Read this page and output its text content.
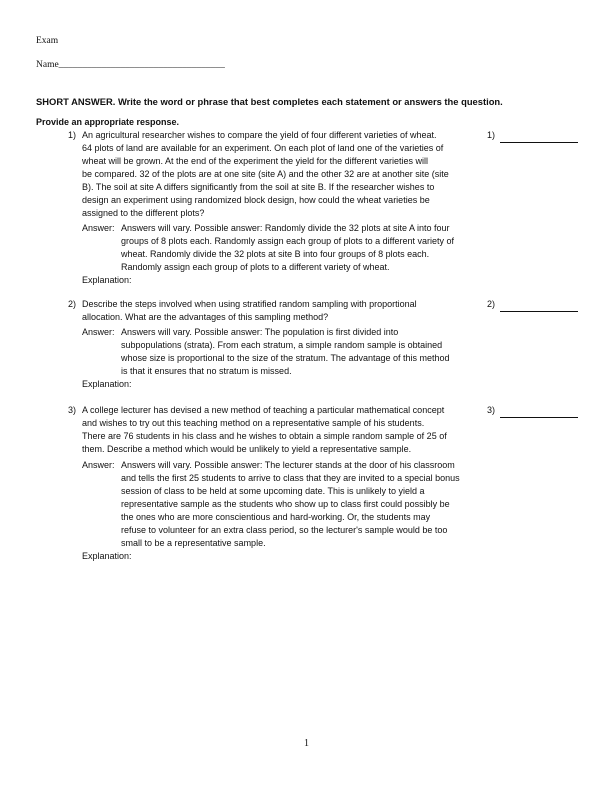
Exam
Name___________________________________
SHORT ANSWER. Write the word or phrase that best completes each statement or answers the question.
Provide an appropriate response.
1) An agricultural researcher wishes to compare the yield of four different varieties of wheat.
64 plots of land are available for an experiment. On each plot of land one of the varieties of
wheat will be grown. At the end of the experiment the yield for the different varieties will
be compared. 32 of the plots are at one site (site A) and the other 32 are at another site (site
B). The soil at site A differs significantly from the soil at site B. If the researcher wishes to
design an experiment using randomized block design, how could the wheat varieties be
assigned to the different plots?
1)
Answer: Answers will vary. Possible answer: Randomly divide the 32 plots at site A into four
groups of 8 plots each. Randomly assign each group of plots to a different variety of
wheat. Randomly divide the 32 plots at site B into four groups of 8 plots each.
Randomly assign each group of plots to a different variety of wheat.
Explanation:
2) Describe the steps involved when using stratified random sampling with proportional
allocation. What are the advantages of this sampling method?
2)
Answer: Answers will vary. Possible answer: The population is first divided into
subpopulations (strata). From each stratum, a simple random sample is obtained
whose size is proportional to the size of the stratum. The advantage of this method
is that it ensures that no stratum is missed.
Explanation:
3) A college lecturer has devised a new method of teaching a particular mathematical concept
and wishes to try out this teaching method on a representative sample of his students.
There are 76 students in his class and he wishes to obtain a simple random sample of 25 of
them. Describe a method which would be unlikely to yield a representative sample.
3)
Answer: Answers will vary. Possible answer: The lecturer stands at the door of his classroom
and tells the first 25 students to arrive to class that they are invited to a special bonus
session of class to be held at some upcoming date. This is unlikely to yield a
representative sample as the students who show up to class first could possibly be
the ones who are more conscientious and hard-working. Or, the students may
refuse to volunteer for an extra class period, so the lecturer's sample would be too
small to be a representative sample.
Explanation:
1
